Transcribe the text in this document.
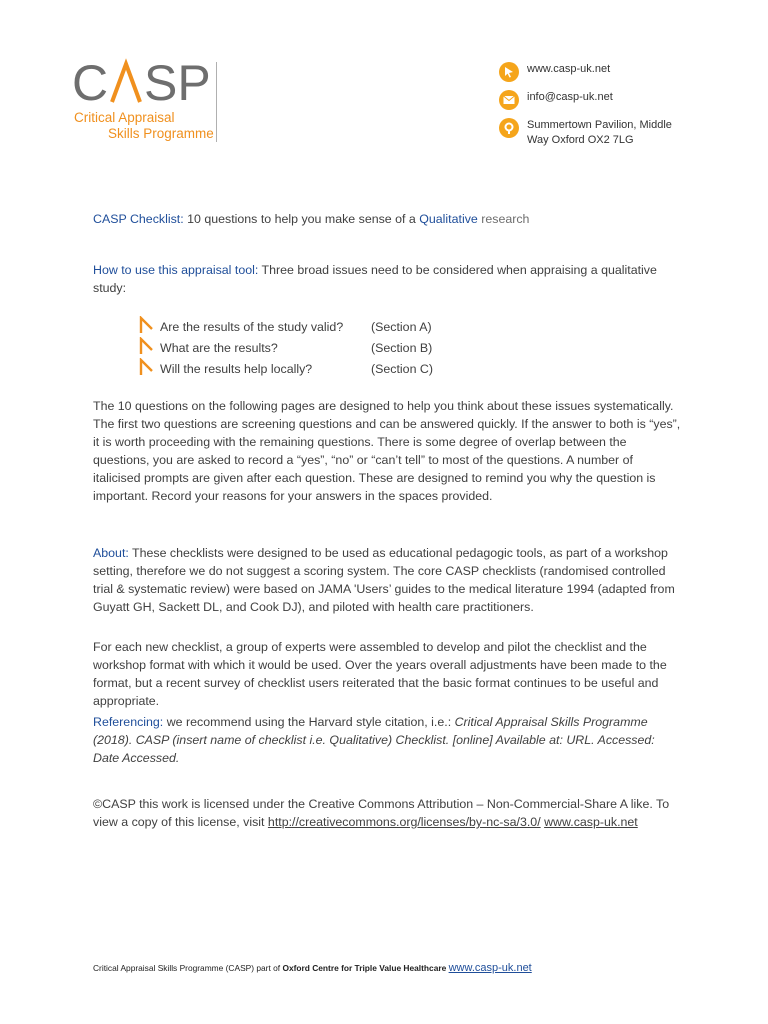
C SP
Critical Appraisal
Skills Programme
www.casp-uk.net
info@casp-uk.net
Summertown Pavilion, Middle
Way Oxford OX2 7LG
CASP Checklist: 10 questions to help you make sense of a Qualitative research
How to use this appraisal tool: Three broad issues need to be considered when appraising a qualitative study:
Are the results of the study valid? (Section A)
What are the results?	(Section B)
Will the results help locally?	(Section C)
The 10 questions on the following pages are designed to help you think about these issues systematically. The first two questions are screening questions and can be answered quickly. If the answer to both is “yes”, it is worth proceeding with the remaining questions. There is some degree of overlap between the questions, you are asked to record a “yes”, “no” or “can’t tell” to most of the questions. A number of italicised prompts are given after each question. These are designed to remind you why the question is important. Record your reasons for your answers in the spaces provided.
About: These checklists were designed to be used as educational pedagogic tools, as part of a workshop setting, therefore we do not suggest a scoring system. The core CASP checklists (randomised controlled trial & systematic review) were based on JAMA 'Users’ guides to the medical literature 1994 (adapted from Guyatt GH, Sackett DL, and Cook DJ), and piloted with health care practitioners.
For each new checklist, a group of experts were assembled to develop and pilot the checklist and the workshop format with which it would be used. Over the years overall adjustments have been made to the format, but a recent survey of checklist users reiterated that the basic format continues to be useful and appropriate.
Referencing: we recommend using the Harvard style citation, i.e.: Critical Appraisal Skills Programme (2018). CASP (insert name of checklist i.e. Qualitative) Checklist. [online] Available at: URL. Accessed: Date Accessed.
©CASP this work is licensed under the Creative Commons Attribution – Non-Commercial-Share A like. To view a copy of this license, visit http://creativecommons.org/licenses/by-nc-sa/3.0/ www.casp-uk.net
Critical Appraisal Skills Programme (CASP) part of Oxford Centre for Triple Value Healthcare www.casp-uk.net
